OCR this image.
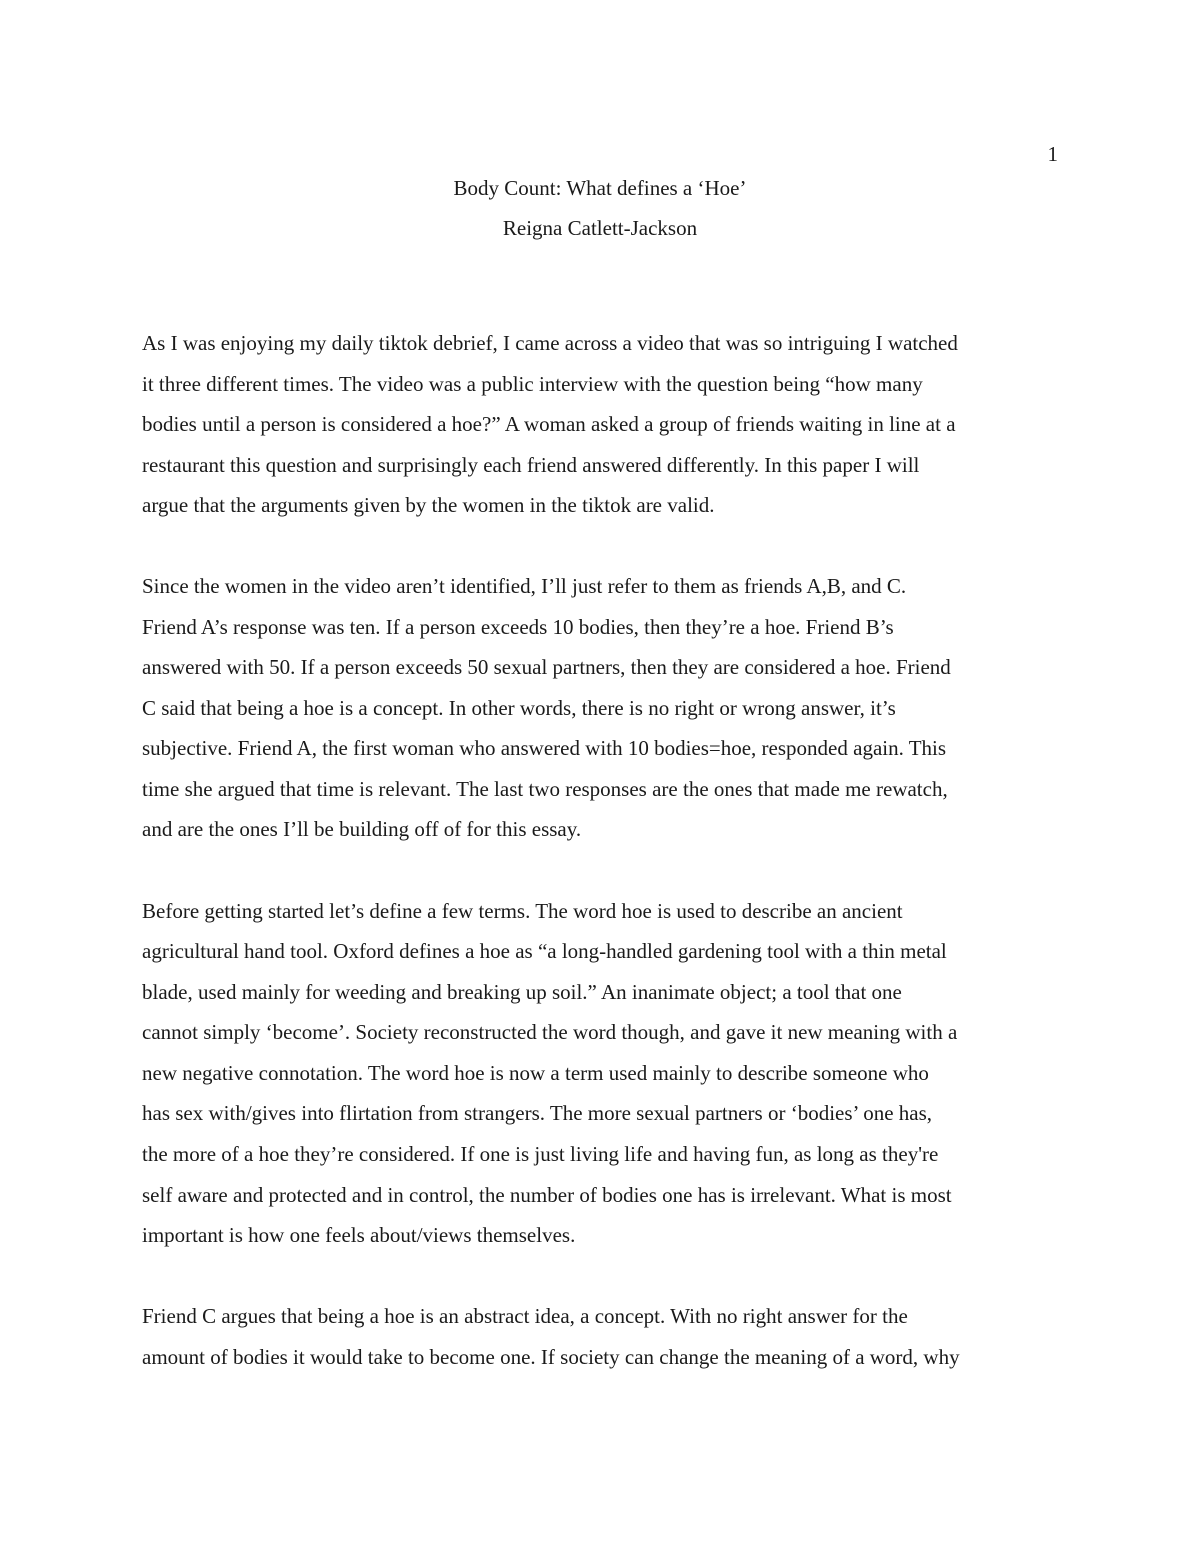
1
Body Count: What defines a ‘Hoe’
Reigna Catlett-Jackson
As I was enjoying my daily tiktok debrief, I came across a video that was so intriguing I watched
it three different times. The video was a public interview with the question being “how many
bodies until a person is considered a hoe?” A woman asked a group of friends waiting in line at a
restaurant this question and surprisingly each friend answered differently. In this paper I will
argue that the arguments given by the women in the tiktok are valid.
Since the women in the video aren’t identified, I’ll just refer to them as friends A,B, and C.
Friend A’s response was ten. If a person exceeds 10 bodies, then they’re a hoe. Friend B’s
answered with 50. If a person exceeds 50 sexual partners, then they are considered a hoe. Friend
C said that being a hoe is a concept. In other words, there is no right or wrong answer, it’s
subjective. Friend A, the first woman who answered with 10 bodies=hoe, responded again. This
time she argued that time is relevant. The last two responses are the ones that made me rewatch,
and are the ones I’ll be building off of for this essay.
Before getting started let’s define a few terms. The word hoe is used to describe an ancient
agricultural hand tool. Oxford defines a hoe as “a long-handled gardening tool with a thin metal
blade, used mainly for weeding and breaking up soil.” An inanimate object; a tool that one
cannot simply ‘become’. Society reconstructed the word though, and gave it new meaning with a
new negative connotation. The word hoe is now a term used mainly to describe someone who
has sex with/gives into flirtation from strangers. The more sexual partners or ‘bodies’ one has,
the more of a hoe they’re considered. If one is just living life and having fun, as long as they're
self aware and protected and in control, the number of bodies one has is irrelevant. What is most
important is how one feels about/views themselves.
Friend C argues that being a hoe is an abstract idea, a concept. With no right answer for the
amount of bodies it would take to become one. If society can change the meaning of a word, why
